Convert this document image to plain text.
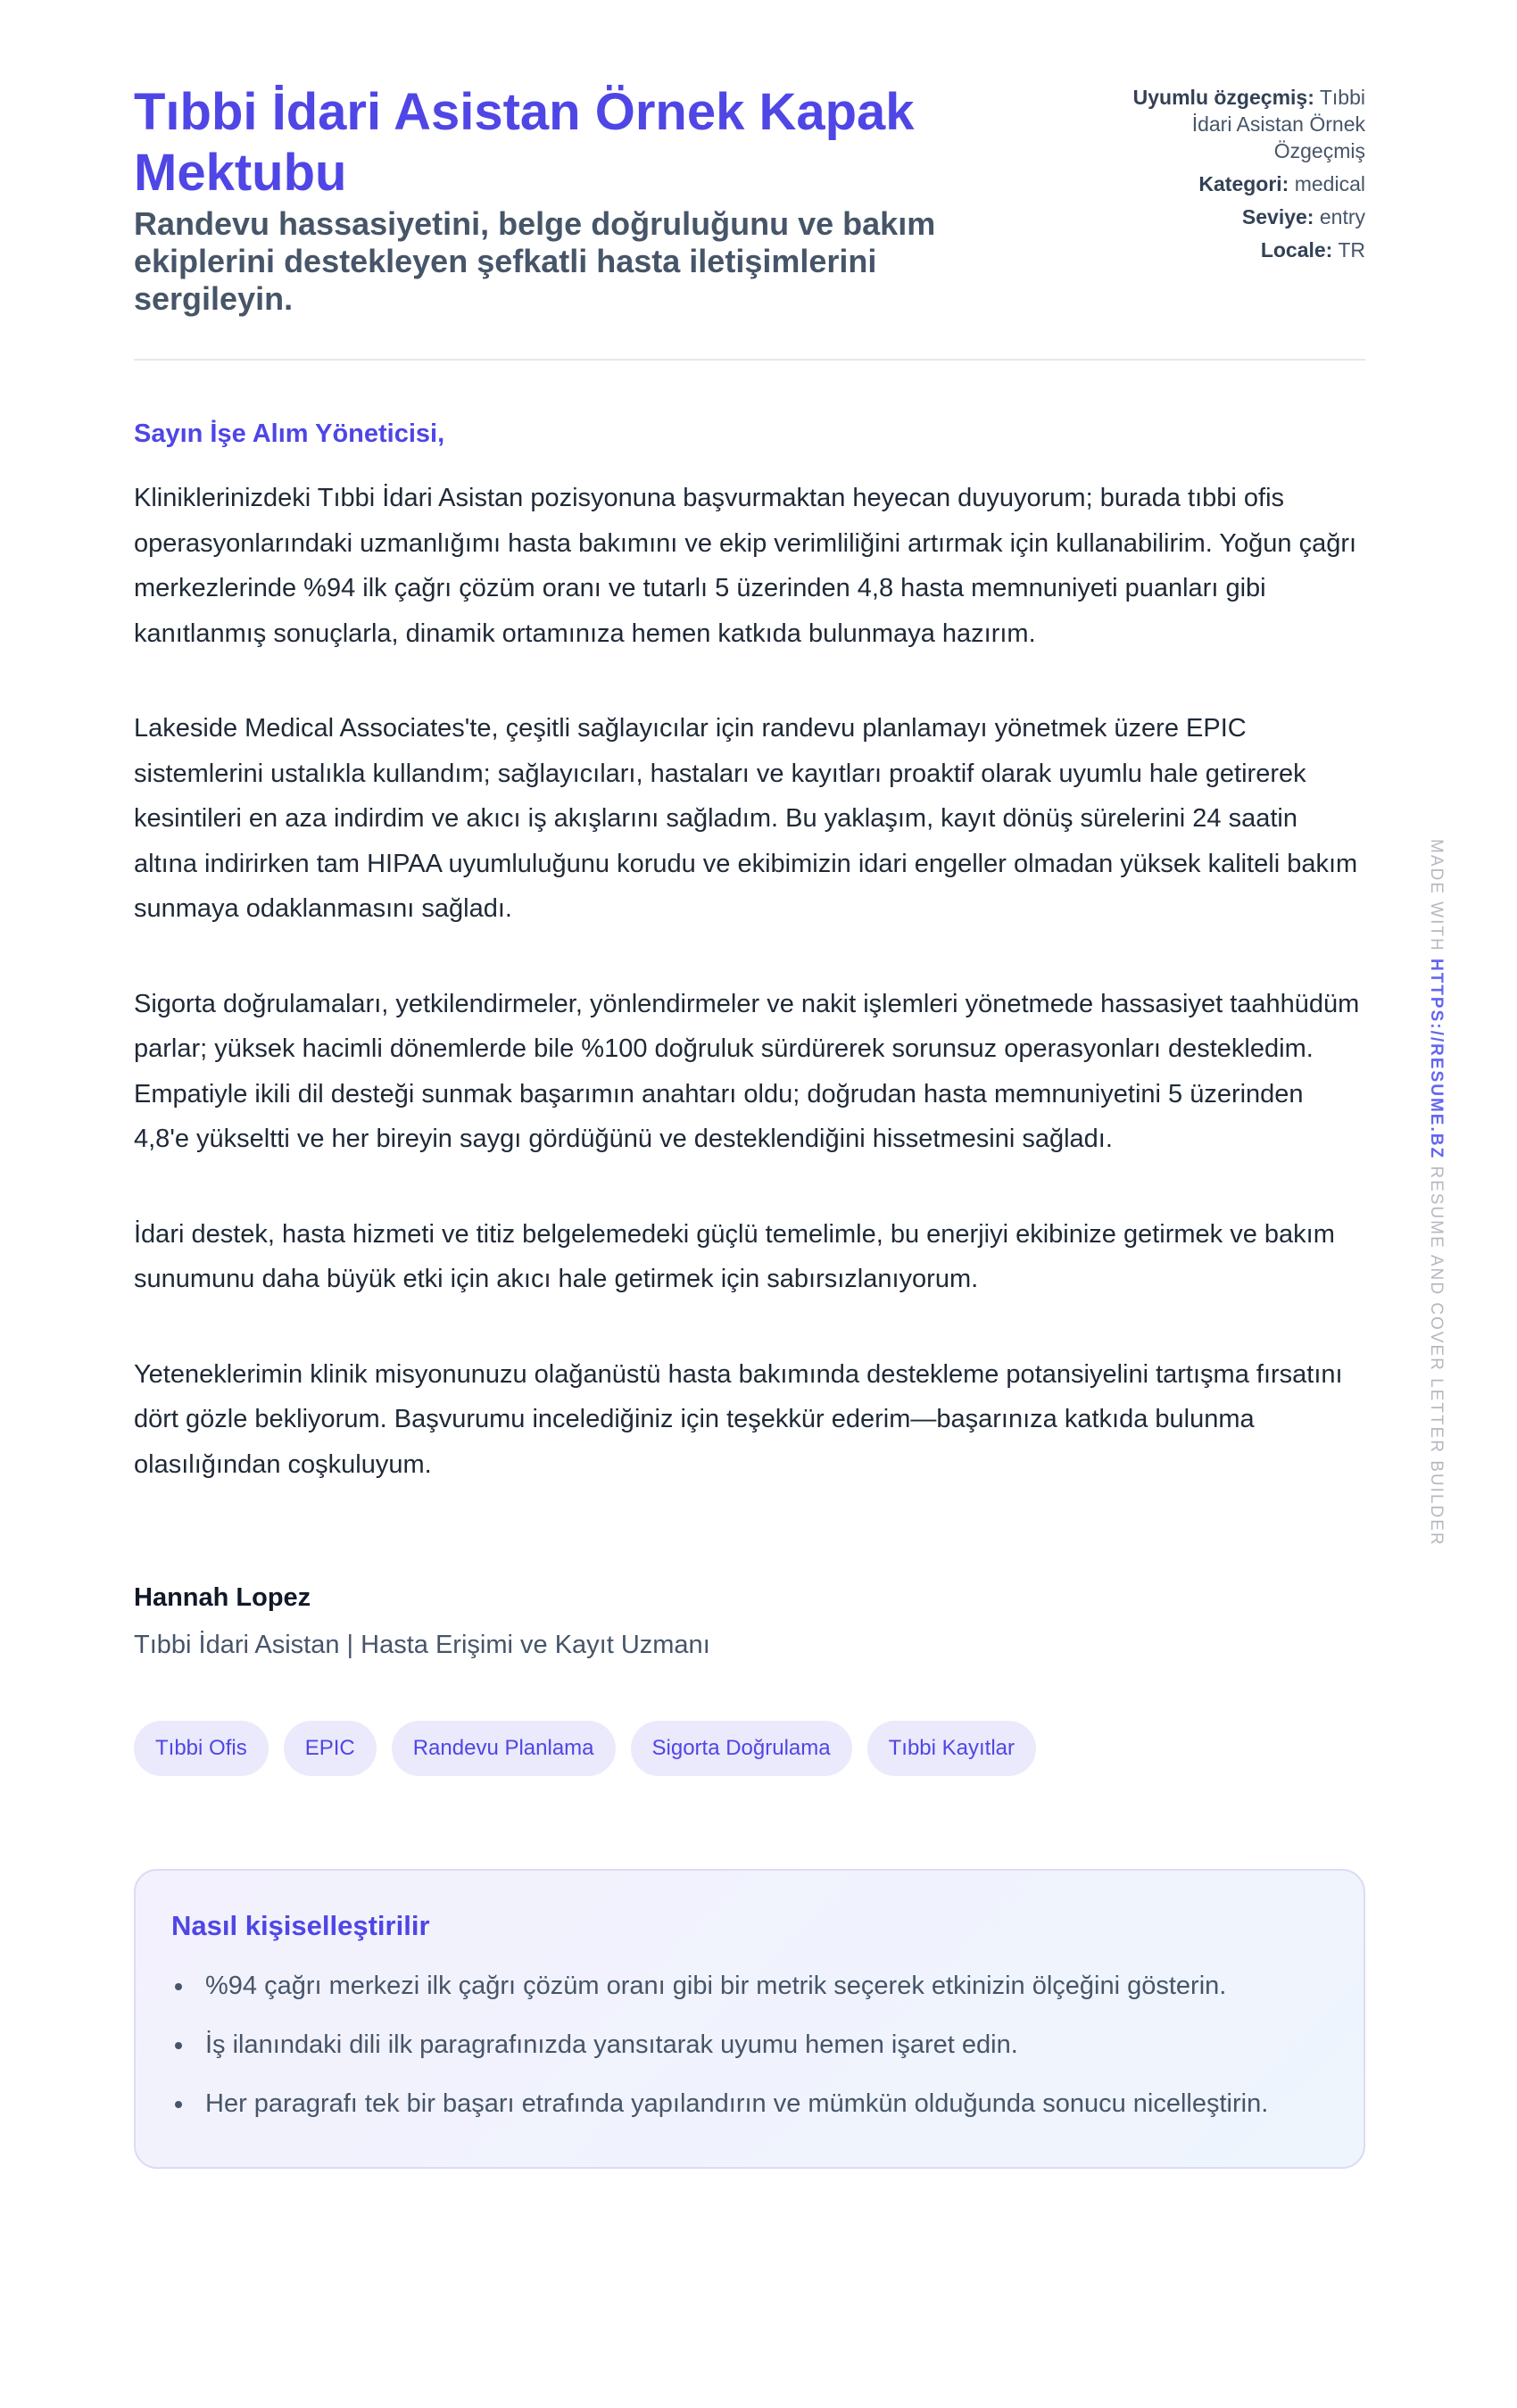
Tıbbi İdari Asistan Örnek Kapak Mektubu
Randevu hassasiyetini, belge doğruluğunu ve bakım ekiplerini destekleyen şefkatli hasta iletişimlerini sergileyin.
Uyumlu özgeçmiş: Tıbbi İdari Asistan Örnek Özgeçmiş
Kategori: medical
Seviye: entry
Locale: TR
Sayın İşe Alım Yöneticisi,

Kliniklerinizdeki Tıbbi İdari Asistan pozisyonuna başvurmaktan heyecan duyuyorum; burada tıbbi ofis operasyonlarındaki uzmanlığımı hasta bakımını ve ekip verimliliğini artırmak için kullanabilirim. Yoğun çağrı merkezlerinde %94 ilk çağrı çözüm oranı ve tutarlı 5 üzerinden 4,8 hasta memnuniyeti puanları gibi kanıtlanmış sonuçlarla, dinamik ortamınıza hemen katkıda bulunmaya hazırım.

Lakeside Medical Associates'te, çeşitli sağlayıcılar için randevu planlamayı yönetmek üzere EPIC sistemlerini ustalıkla kullandım; sağlayıcıları, hastaları ve kayıtları proaktif olarak uyumlu hale getirerek kesintileri en aza indirdim ve akıcı iş akışlarını sağladım. Bu yaklaşım, kayıt dönüş sürelerini 24 saatin altına indirirken tam HIPAA uyumluluğunu korudu ve ekibimizin idari engeller olmadan yüksek kaliteli bakım sunmaya odaklanmasını sağladı.

Sigorta doğrulamaları, yetkilendirmeler, yönlendirmeler ve nakit işlemleri yönetmede hassasiyet taahhüdüm parlar; yüksek hacimli dönemlerde bile %100 doğruluk sürdürerek sorunsuz operasyonları destekledim. Empatiyle ikili dil desteği sunmak başarımın anahtarı oldu; doğrudan hasta memnuniyetini 5 üzerinden 4,8'e yükseltti ve her bireyin saygı gördüğünü ve desteklendiğini hissetmesini sağladı.

İdari destek, hasta hizmeti ve titiz belgelemedeki güçlü temelimle, bu enerjiyi ekibinize getirmek ve bakım sunumunu daha büyük etki için akıcı hale getirmek için sabırsızlanıyorum.

Yeteneklerimin klinik misyonunuzu olağanüstü hasta bakımında destekleme potansiyelini tartışma fırsatını dört gözle bekliyorum. Başvurumu incelediğiniz için teşekkür ederim—başarınıza katkıda bulunma olasılığından coşkuluyum.

Hannah Lopez
Tıbbi İdari Asistan | Hasta Erişimi ve Kayıt Uzmanı
Tıbbi Ofis	EPIC	Randevu Planlama	Sigorta Doğrulama	Tıbbi Kayıtlar
Nasıl kişiselleştirilir
%94 çağrı merkezi ilk çağrı çözüm oranı gibi bir metrik seçerek etkinizin ölçeğini gösterin.
İş ilanındaki dili ilk paragrafınızda yansıtarak uyumu hemen işaret edin.
Her paragrafı tek bir başarı etrafında yapılandırın ve mümkün olduğunda sonucu nicelleştirin.
MADE WITH HTTPS://RESUME.BZ RESUME AND COVER LETTER BUILDER
